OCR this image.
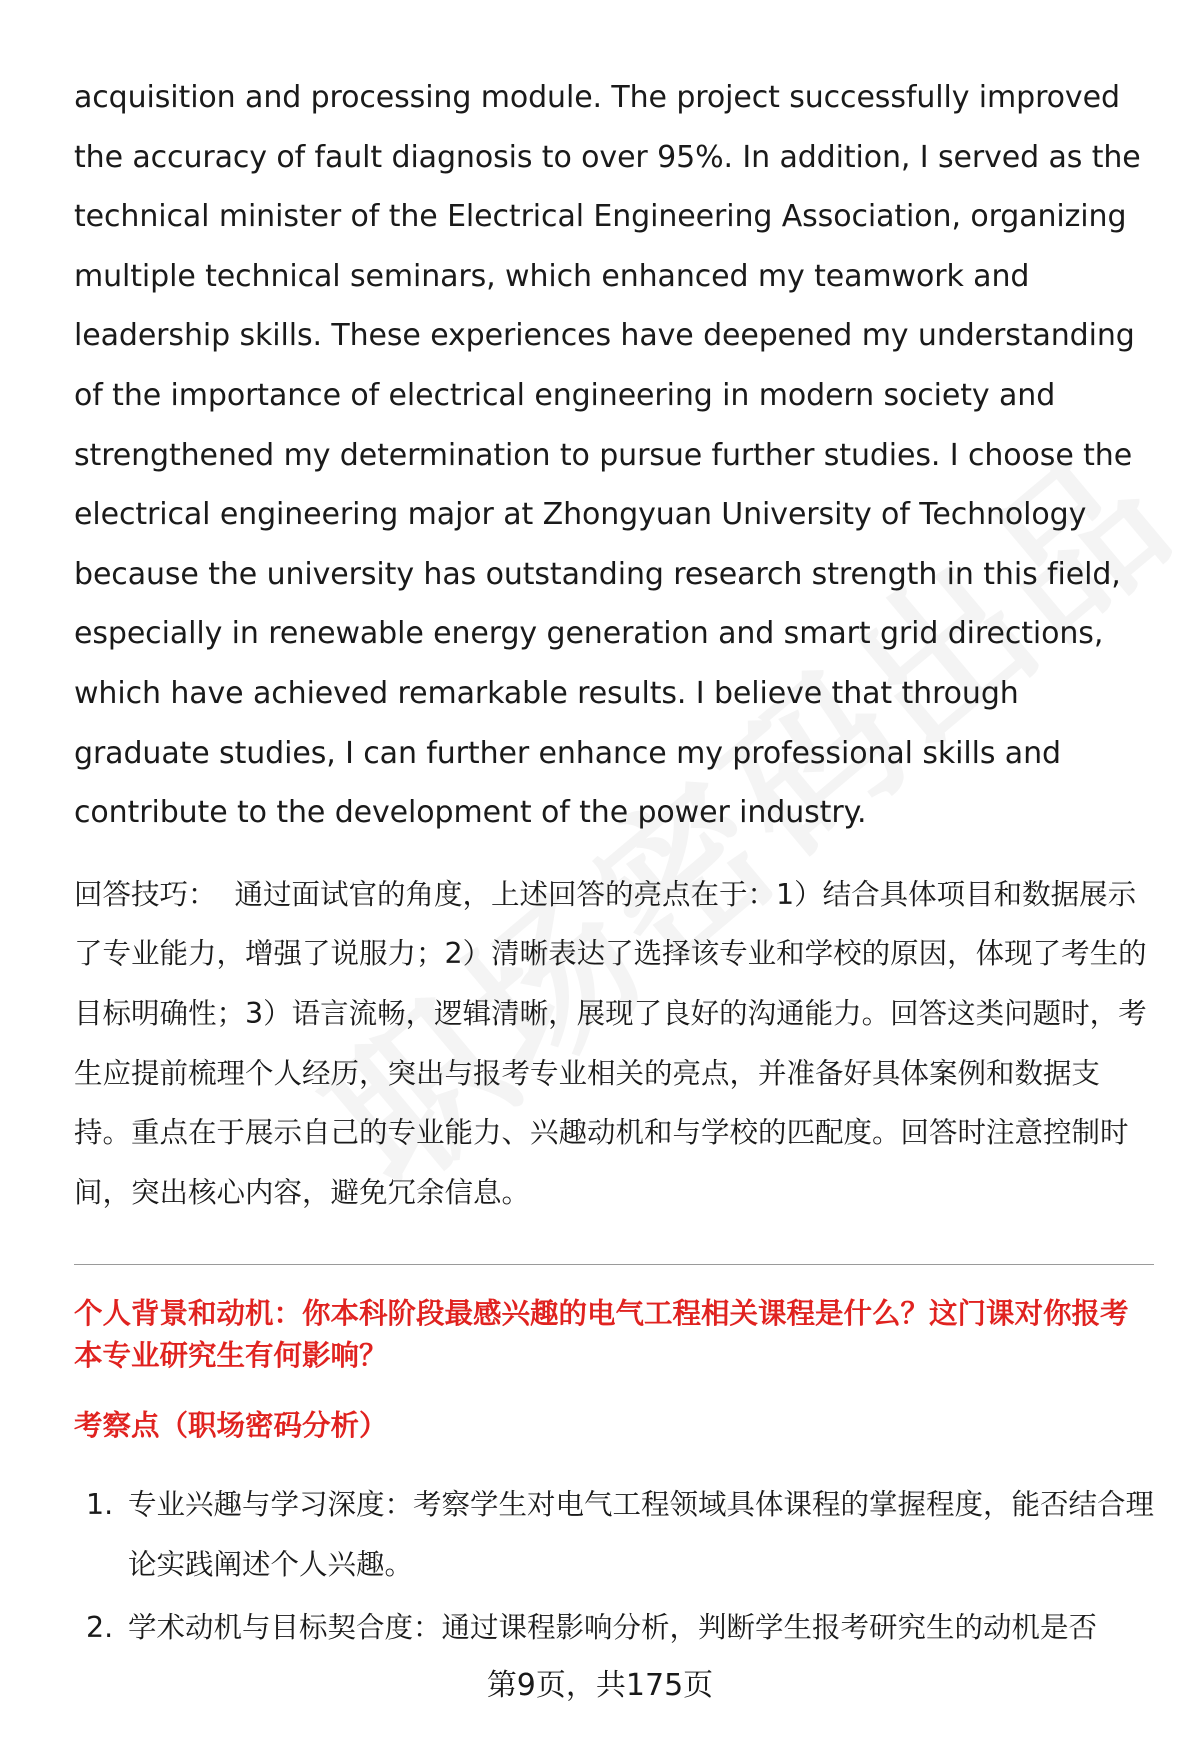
acquisition and processing module. The project successfully improved the accuracy of fault diagnosis to over 95%. In addition, I served as the technical minister of the Electrical Engineering Association, organizing multiple technical seminars, which enhanced my teamwork and leadership skills. These experiences have deepened my understanding of the importance of electrical engineering in modern society and strengthened my determination to pursue further studies. I choose the electrical engineering major at Zhongyuan University of Technology because the university has outstanding research strength in this field, especially in renewable energy generation and smart grid directions, which have achieved remarkable results. I believe that through graduate studies, I can further enhance my professional skills and contribute to the development of the power industry.

回答技巧： 通过面试官的角度，上述回答的亮点在于：1）结合具体项目和数据展示了专业能力，增强了说服力；2）清晰表达了选择该专业和学校的原因，体现了考生的目标明确性；3）语言流畅，逻辑清晰，展现了良好的沟通能力。回答这类问题时，考生应提前梳理个人经历，突出与报考专业相关的亮点，并准备好具体案例和数据支持。重点在于展示自己的专业能力、兴趣动机和与学校的匹配度。回答时注意控制时间，突出核心内容，避免冗余信息。

个人背景和动机：你本科阶段最感兴趣的电气工程相关课程是什么？这门课对你报考本专业研究生有何影响？
考察点（职场密码分析）
1. 专业兴趣与学习深度：考察学生对电气工程领域具体课程的掌握程度，能否结合理论实践阐述个人兴趣。
2. 学术动机与目标契合度：通过课程影响分析，判断学生报考研究生的动机是否
第9页，共175页
